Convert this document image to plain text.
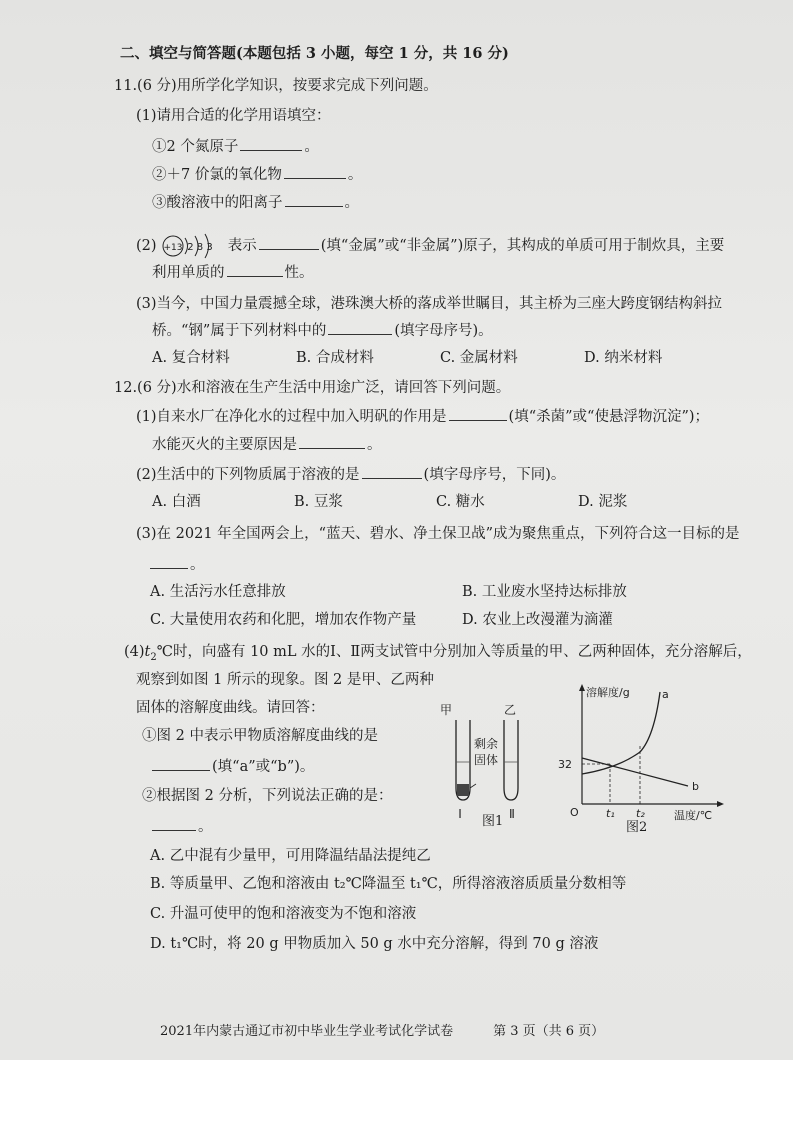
二、填空与简答题(本题包括 3 小题，每空 1 分，共 16 分)
11.(6 分)用所学化学知识，按要求完成下列问题。
(1)请用合适的化学用语填空：
①2 个氮原子	。
②＋7 价氯的氧化物	。
③酸溶液中的阳离子	。
(2) +13 2 8 3 表示	(填“金属”或“非金属”)原子，其构成的单质可用于制炊具，主要
利用单质的	性。
(3)当今，中国力量震撼全球，港珠澳大桥的落成举世瞩目，其主桥为三座大跨度钢结构斜拉
桥。“钢”属于下列材料中的	(填字母序号)。
A. 复合材料	B. 合成材料	C. 金属材料	D. 纳米材料
12.(6 分)水和溶液在生产生活中用途广泛，请回答下列问题。
(1)自来水厂在净化水的过程中加入明矾的作用是	(填“杀菌”或“使悬浮物沉淀”)；
水能灭火的主要原因是	。
(2)生活中的下列物质属于溶液的是	(填字母序号，下同)。
A. 白酒	B. 豆浆	C. 糖水	D. 泥浆
(3)在 2021 年全国两会上，“蓝天、碧水、净土保卫战”成为聚焦重点，下列符合这一目标的是
。
A. 生活污水任意排放	B. 工业废水坚持达标排放
C. 大量使用农药和化肥，增加农作物产量	D. 农业上改漫灌为滴灌
$(4)t_2℃$时，向盛有 10 mL 水的Ⅰ、Ⅱ两支试管中分别加入等质量的甲、乙两种固体，充分溶解后，
观察到如图 1 所示的现象。图 2 是甲、乙两种
固体的溶解度曲线。请回答：
①图 2 中表示甲物质溶解度曲线的是
(填“a”或“b”)。
②根据图 2 分析，下列说法正确的是：
。
甲	乙
剩余
固体
Ⅰ	Ⅱ
图1
溶解度/g
温度/℃
O
32
a
b
t₁ t₂
图2
A. 乙中混有少量甲，可用降温结晶法提纯乙
B. 等质量甲、乙饱和溶液由 t₂℃降温至 t₁℃，所得溶液溶质质量分数相等
C. 升温可使甲的饱和溶液变为不饱和溶液
D. t₁℃时，将 20 g 甲物质加入 50 g 水中充分溶解，得到 70 g 溶液
2021年内蒙古通辽市初中毕业生学业考试化学试卷	第 3 页（共 6 页）
